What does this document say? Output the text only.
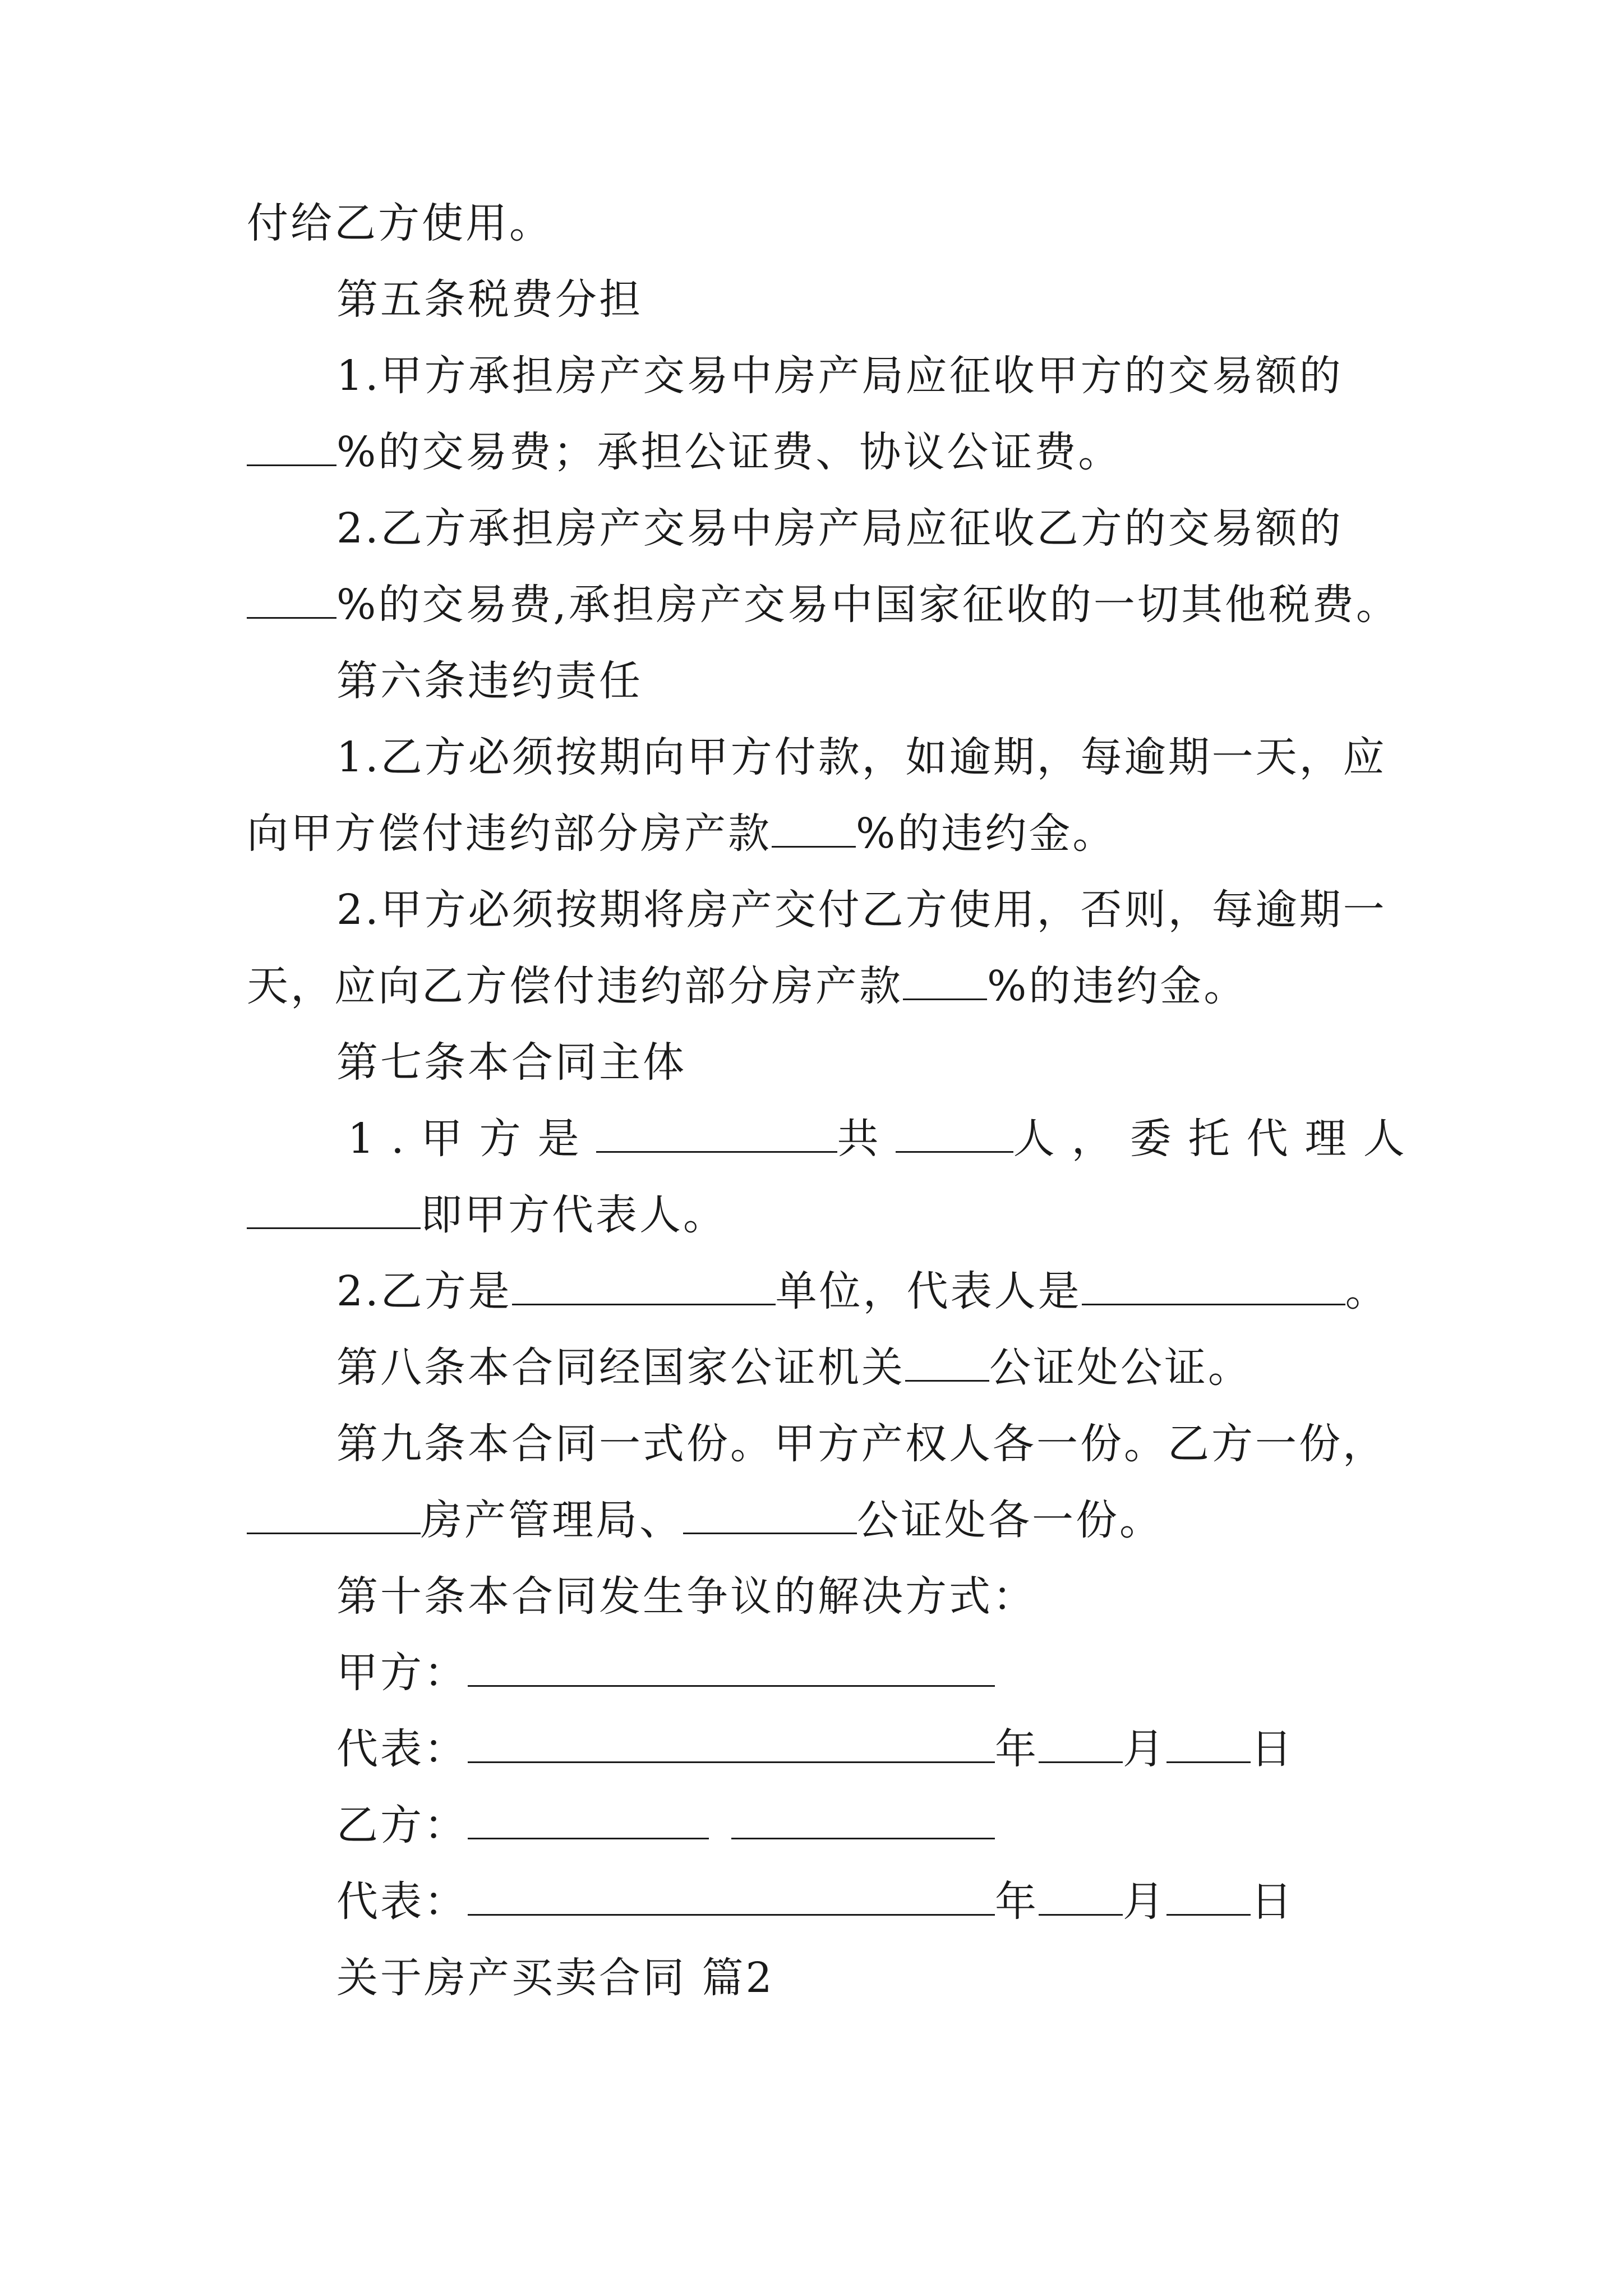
付给乙方使用。
第五条税费分担
1.甲方承担房产交易中房产局应征收甲方的交易额的
%的交易费；承担公证费、协议公证费。
2.乙方承担房产交易中房产局应征收乙方的交易额的
%的交易费,承担房产交易中国家征收的一切其他税费。
第六条违约责任
1.乙方必须按期向甲方付款，如逾期，每逾期一天，应
向甲方偿付违约部分房产款 %的违约金。
2.甲方必须按期将房产交付乙方使用，否则，每逾期一
天，应向乙方偿付违约部分房产款 %的违约金。
第七条本合同主体
1.甲方是	共	人，委托代理人
即甲方代表人。
2.乙方是	单位，代表人是	。
第八条本合同经国家公证机关 公证处公证。
第九条本合同一式份。甲方产权人各一份。乙方一份，
房产管理局、	公证处各一份。
第十条本合同发生争议的解决方式：
甲方：
代表：	年 月 日
乙方：
代表：	年 月 日
关于房产买卖合同 篇2
